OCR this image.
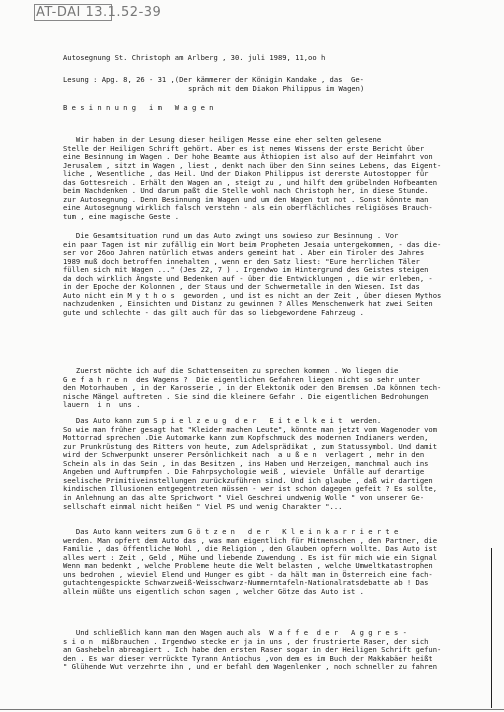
AT-DAI 13.1.52-39
Autosegnung St. Christoph am Arlberg , 30. juli 1989, 11,oo h
Lesung : Apg. 8, 26 - 31 ,(Der kämmerer der Königin Kandake , das  Ge-
spräch mit dem Diakon Philippus im Wagen)
B e s i n n u n g   i m   W a g e n
Wir haben in der Lesung dieser heiligen Messe eine eher selten gelesene
Stelle der Heiligen Schrift gehört. Aber es ist nemes Wissens der erste Bericht über
eine Besinnung im Wagen . Der hohe Beamte aus Äthiopien ist also auf der Heimfahrt von
Jerusalem , sitzt im Wagen , liest , denkt nach über den Sinn seines Lebens, das Eigent-
liche , Wesentliche , das Heil. Und der Diakon Philippus ist dererste Autostopper für
das Gottesreich . Erhält den Wagen an , steigt zu , und hilft dem grübelnden Hofbeamten
beim Nachdenken . Und darum paßt die Stelle wohl nach Christoph her, in diese Stunde.
zur Autosegnung . Denn Besinnung im Wagen und um den Wagen tut not . Sonst könnte man
eine Autosegnung wirklich falsch verstehn - als ein oberflächliches religiöses Brauch-
tum , eine magische Geste .
Die Gesamtsituation rund um das Auto zwingt uns sowieso zur Besinnung . Vor
ein paar Tagen ist mir zufällig ein Wort beim Propheten Jesaia untergekommen, - das die-
ser vor 26oo Jahren natürlich etwas anders gemeint hat . Aber ein Tiroler des Jahres
1989 muß doch betroffen innehalten , wenn er den Satz liest: "Eure herrlichen Täler
füllen sich mit Wagen ..." (Jes 22, 7 ) . Irgendwo im Hintergrund des Geistes steigen
da doch wirklich Ängste und Bedenken auf - über die Entwicklungen , die wir erleben, -
in der Epoche der Kolonnen , der Staus und der Schwermetalle in den Wiesen. Ist das
Auto nicht ein M y t h o s  geworden , und ist es nicht an der Zeit , über diesen Mythos
nachzudenken , Einsichten und Distanz zu gewinnen ? Alles Menschenwerk hat zwei Seiten
gute und schlechte - das gilt auch für das so liebgewordene Fahrzeug .
Zuerst möchte ich auf die Schattenseiten zu sprechen kommen . Wo liegen die
G e f a h r e n  des Wagens ?  Die eigentlichen Gefahren liegen nicht so sehr unter
den Motorhauben , in der Karosserie , in der Elektonik oder den Bremsen .Da können tech-
nische Mängel auftreten . Sie sind die kleinere Gefahr . Die eigentlichen Bedrohungen
lauern  i n  uns .
Das Auto kann zum S p i e l z e u g  d e r   E i t e l k e i t  werden.
So wie man früher gesagt hat "Kleider machen Leute", könnte man jetzt vom Wagenoder vom
Mottorrad sprechen .Die Automarke kann zum Kopfschmuck des modernen Indianers werden,
zur Prunkrüstung des Ritters von heute, zum Adelsprädikat , zum Statussymbol. Und damit
wird der Schwerpunkt unserer Persönlichkeit nach  a u ß e n  verlagert , mehr in den
Schein als in das Sein , in das Besitzen , ins Haben und Herzeigen, manchmal auch ins
Angeben und Auftrumpfen . Die Fahrpsychologie weiß , wieviele  Unfälle auf derartige
seelische Primitiveinstellungen zurückzuführen sind. Und ich glaube , daß wir dartigen
kindischen Illusionen entgegentreten müssen - wer ist schon dagegen gefeit ? Es sollte,
in Anlehnung an das alte Sprichwort " Viel Geschrei undwenig Wolle " von unserer Ge-
sellschaft einmal nicht heißen " Viel PS und wenig Charakter "...
Das Auto kann weiters zum G ö t z e n   d e r   K l e i n k a r r i e r t e
werden. Man opfert dem Auto das , was man eigentlich für Mitmenschen , den Partner, die
Familie , das öffentliche Wohl , die Religion , den Glauben opfern wollte. Das Auto ist
alles wert : Zeit , Geld , Mühe und liebende Zuwendung . Es ist für mich wie ein Signal
Wenn man bedenkt , welche Probleme heute die Welt belasten , welche Umweltkatastrophen
uns bedrohen , wieviel Elend und Hunger es gibt - da hält man in Österreich eine fach-
gutachtengespickte Schwarzweiß-Weisschwarz-Nummerntafeln-Nationalratsdebatte ab ! Das
allein müßte uns eigentlich schon sagen , welcher Götze das Auto ist .
Und schließlich kann man den Wagen auch als  W a f f e  d e r   A g g r e s -
s i o n  mißbrauchen . Irgendwo stecke er ja in uns , der frustrierte Raser, der sich
an Gashebeln abreagiert . Ich habe den ersten Raser sogar in der Heiligen Schrift gefun-
den . Es war dieser verrückte Tyrann Antiochus ,von dem es im Buch der Makkabäer heißt
" Glühende Wut verzehrte ihn , und er befahl dem Wagenlenker , noch schneller zu fahren
